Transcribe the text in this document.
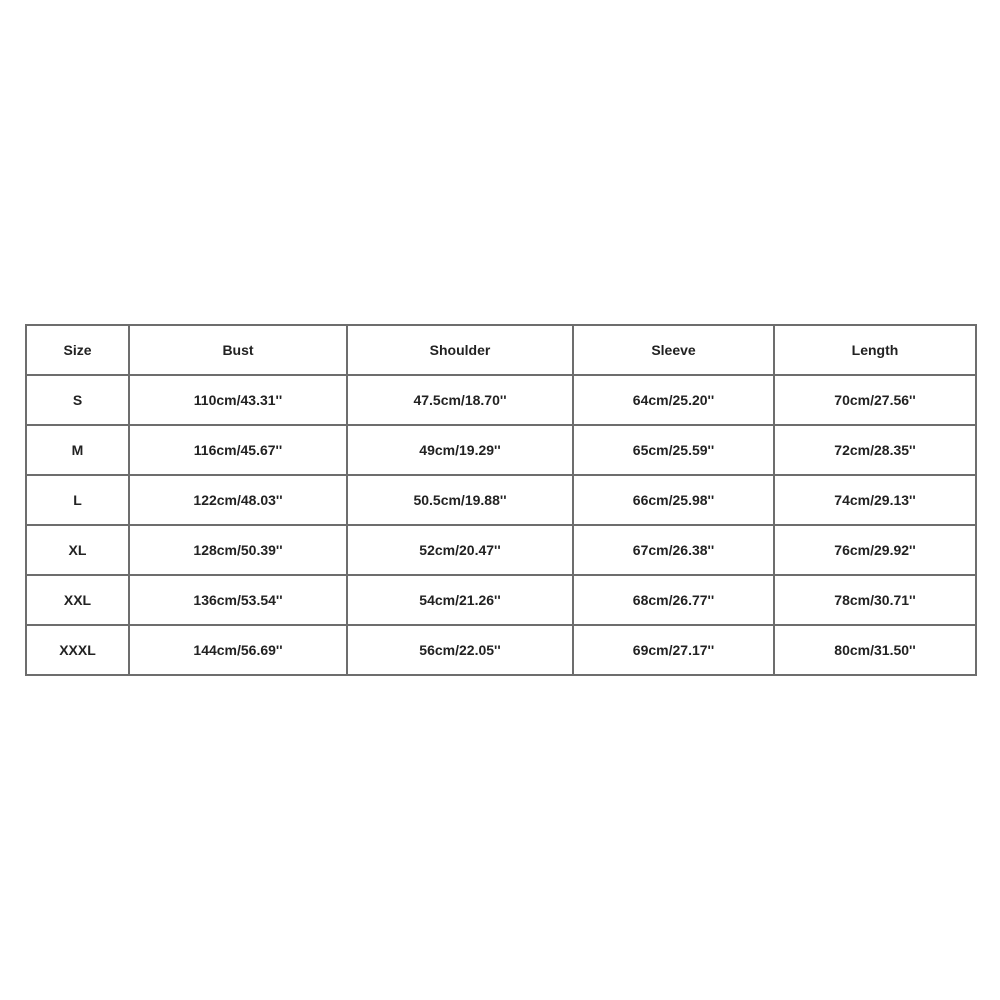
Size	Bust	Shoulder	Sleeve	Length
S	110cm/43.31''	47.5cm/18.70''	64cm/25.20''	70cm/27.56''
M	116cm/45.67''	49cm/19.29''	65cm/25.59''	72cm/28.35''
L	122cm/48.03''	50.5cm/19.88''	66cm/25.98''	74cm/29.13''
XL	128cm/50.39''	52cm/20.47''	67cm/26.38''	76cm/29.92''
XXL	136cm/53.54''	54cm/21.26''	68cm/26.77''	78cm/30.71''
XXXL	144cm/56.69''	56cm/22.05''	69cm/27.17''	80cm/31.50''
